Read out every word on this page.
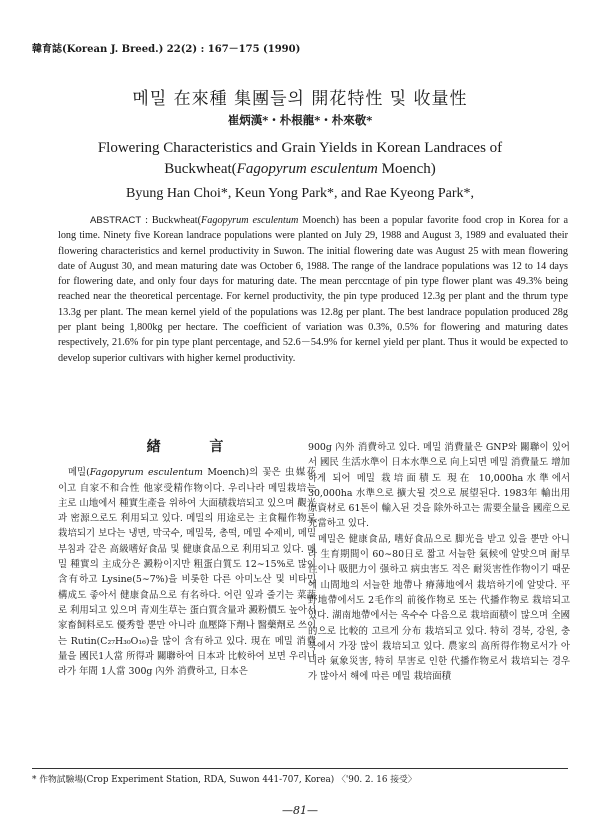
韓育誌(Korean J. Breed.) 22(2) : 167－175 (1990)
메밀 在來種 集團들의 開花特性 및 收量性
崔炳漢*・朴根龍*・朴來敬*
Flowering Characteristics and Grain Yields in Korean Landraces of
Buckwheat(Fagopyrum esculentum Moench)
Byung Han Choi*, Keun Yong Park*, and Rae Kyeong Park*,
ABSTRACT : Buckwheat(Fagopyrum esculentum Moench) has been a popular favorite food crop in Korea for a long time. Ninety five Korean landrace populations were planted on July 29, 1988 and August 3, 1989 and evaluated their flowering characteristics and kernel productivity in Suwon. The initial flowering date was August 25 with mean flowering date of August 30, and mean maturing date was October 6, 1988. The range of the landrace populations was 12 to 14 days for flowering date, and only four days for maturing date. The mean perccntage of pin type flower plant was 49.3% being reached near the theoretical percentage. For kernel productivity, the pin type produced 12.3g per plant and the thrum type 13.3g per plant. The mean kernel yield of the populations was 12.8g per plant. The best landrace population produced 28g per plant being 1,800kg per hectare. The coefficient of variation was 0.3%, 0.5% for flowering and maturing dates respectively, 21.6% for pin type plant percentage, and 52.6－54.9% for kernel yield per plant. Thus it would be expected to develop superior cultivars with higher kernel productivity.
緖 言

메밀(Fagopyrum esculentum Moench)의 꽃은 虫媒花이고 自家不和合性 他家受精作物이다. 우리나라 메밀栽培는 主로 山地에서 種實生產을 위하여 大面積栽培되고 있으며 觀光과 密源으로도 利用되고 있다. 메밀의 用途로는 主食糧作物로 栽培되기 보다는 냉면, 막국수, 메밀묵, 총떡, 메밀 수제비, 메밀부침과 같은 高級嗜好食品 및 健康食品으로 利用되고 있다. 메밀 種實의 主成分은 澱粉이지만 粗蛋白質도 12∼15%로 많이 含有하고 Lysine(5∼7%)을 비롯한 다른 아미노산 및 비타민 構成도 좋아서 健康食品으로 有名하다. 어린 잎과 줄기는 菜蔬로 利用되고 있으며 青刈生草는 蛋白質含量과 澱粉價도 높아서 家畜飼料로도 優秀할 뿐만 아니라 血壓降下劑나 醫藥劑로 쓰이는 Rutin(C₂₇H₃₀O₁₆)을 많이 含有하고 있다. 現在 메밀 消費量을 國民1人當 所得과 關聯하여 日本과 比較하여 보면 우리나라가 年間 1人當 300g 內外 消費하고, 日本은

900g 內外 消費하고 있다. 메밀 消費量은 GNP와 關聯이 있어서 國民 生活水準이 日本水準으로 向上되면 메밀 消費量도 增加하게 되어 메밀 栽培面積도 現在 10,000ha水準에서 30,000ha 水準으로 擴大될 것으로 展望된다. 1983年 輸出用 原資材로 61톤이 輸入된 것을 除外하고는 需要全量을 國産으로 充當하고 있다.

메밀은 健康食品, 嗜好食品으로 脚光을 받고 있을 뿐만 아니라 生育期間이 60∼80日로 짧고 서늘한 氣候에 알맞으며 耐旱性이나 吸肥力이 强하고 病虫害도 적은 耐災害性作物이기 때문에 山間地의 서늘한 地帶나 瘠薄地에서 栽培하기에 알맞다. 平野地帶에서도 2毛作의 前後作物로 또는 代播作物로 栽培되고 있다. 湖南地帶에서는 옥수수 다음으로 栽培面積이 많으며 全國的으로 比較的 고르게 分布 栽培되고 있다. 特히 경북, 강원, 충북에서 가장 많이 栽培되고 있다. 農家의 高所得作物로서가 아니라 氣象災害, 特히 旱害로 인한 代播作物로서 栽培되는 경우가 많아서 해에 따른 메밀 栽培面積

* 作物試驗場(Crop Experiment Station, RDA, Suwon 441-707, Korea) 〈'90. 2. 16 接受〉
—81—
